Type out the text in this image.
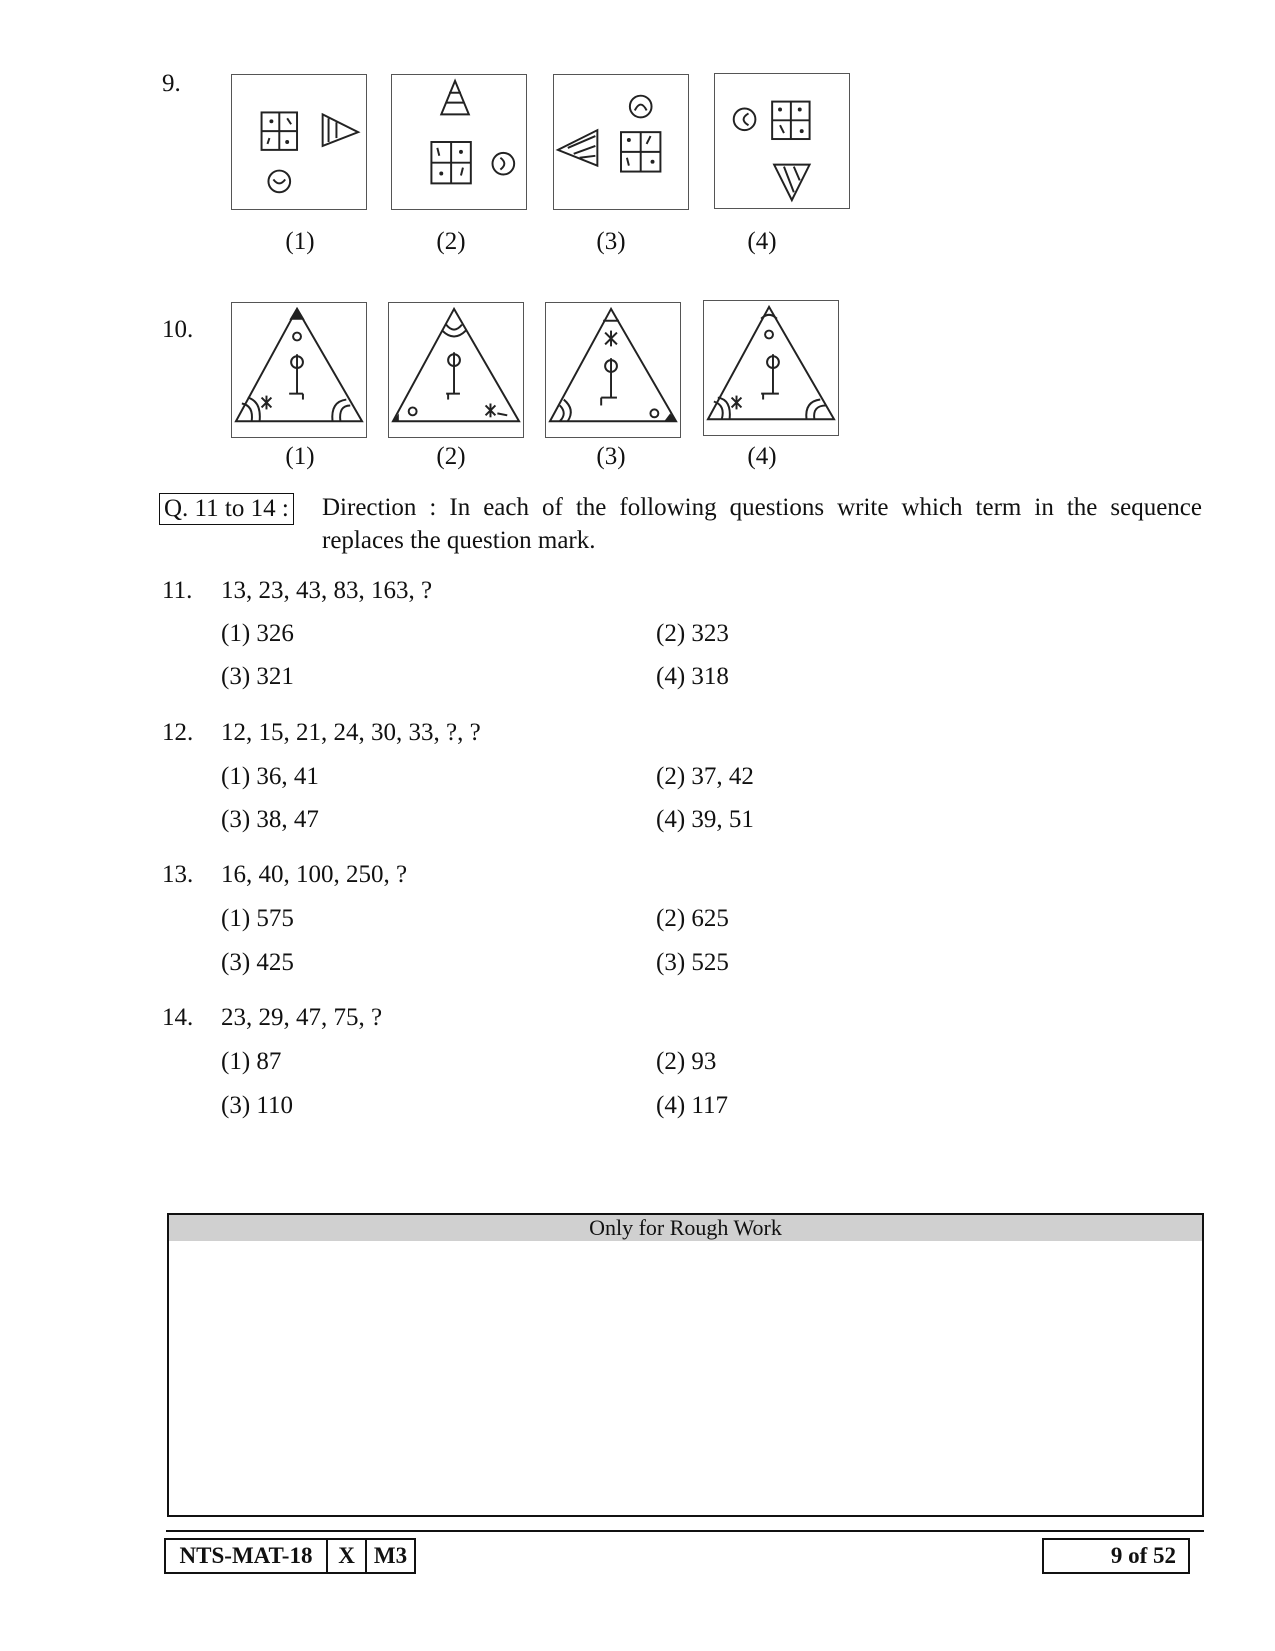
9.
(1)	(2)	(3)	(4)
10.
(1)	(2)	(3)	(4)
Q. 11 to 14 : Direction : In each of the following questions write which term in the sequence replaces the question mark.
11. 13, 23, 43, 83, 163, ?
(1) 326	(2) 323
(3) 321	(4) 318
12. 12, 15, 21, 24, 30, 33, ?, ?
(1) 36, 41	(2) 37, 42
(3) 38, 47	(4) 39, 51
13. 16, 40, 100, 250, ?
(1) 575	(2) 625
(3) 425	(3) 525
14. 23, 29, 47, 75, ?
(1) 87	(2) 93
(3) 110	(4) 117
Only for Rough Work
NTS-MAT-18	X M3	9 of 52
